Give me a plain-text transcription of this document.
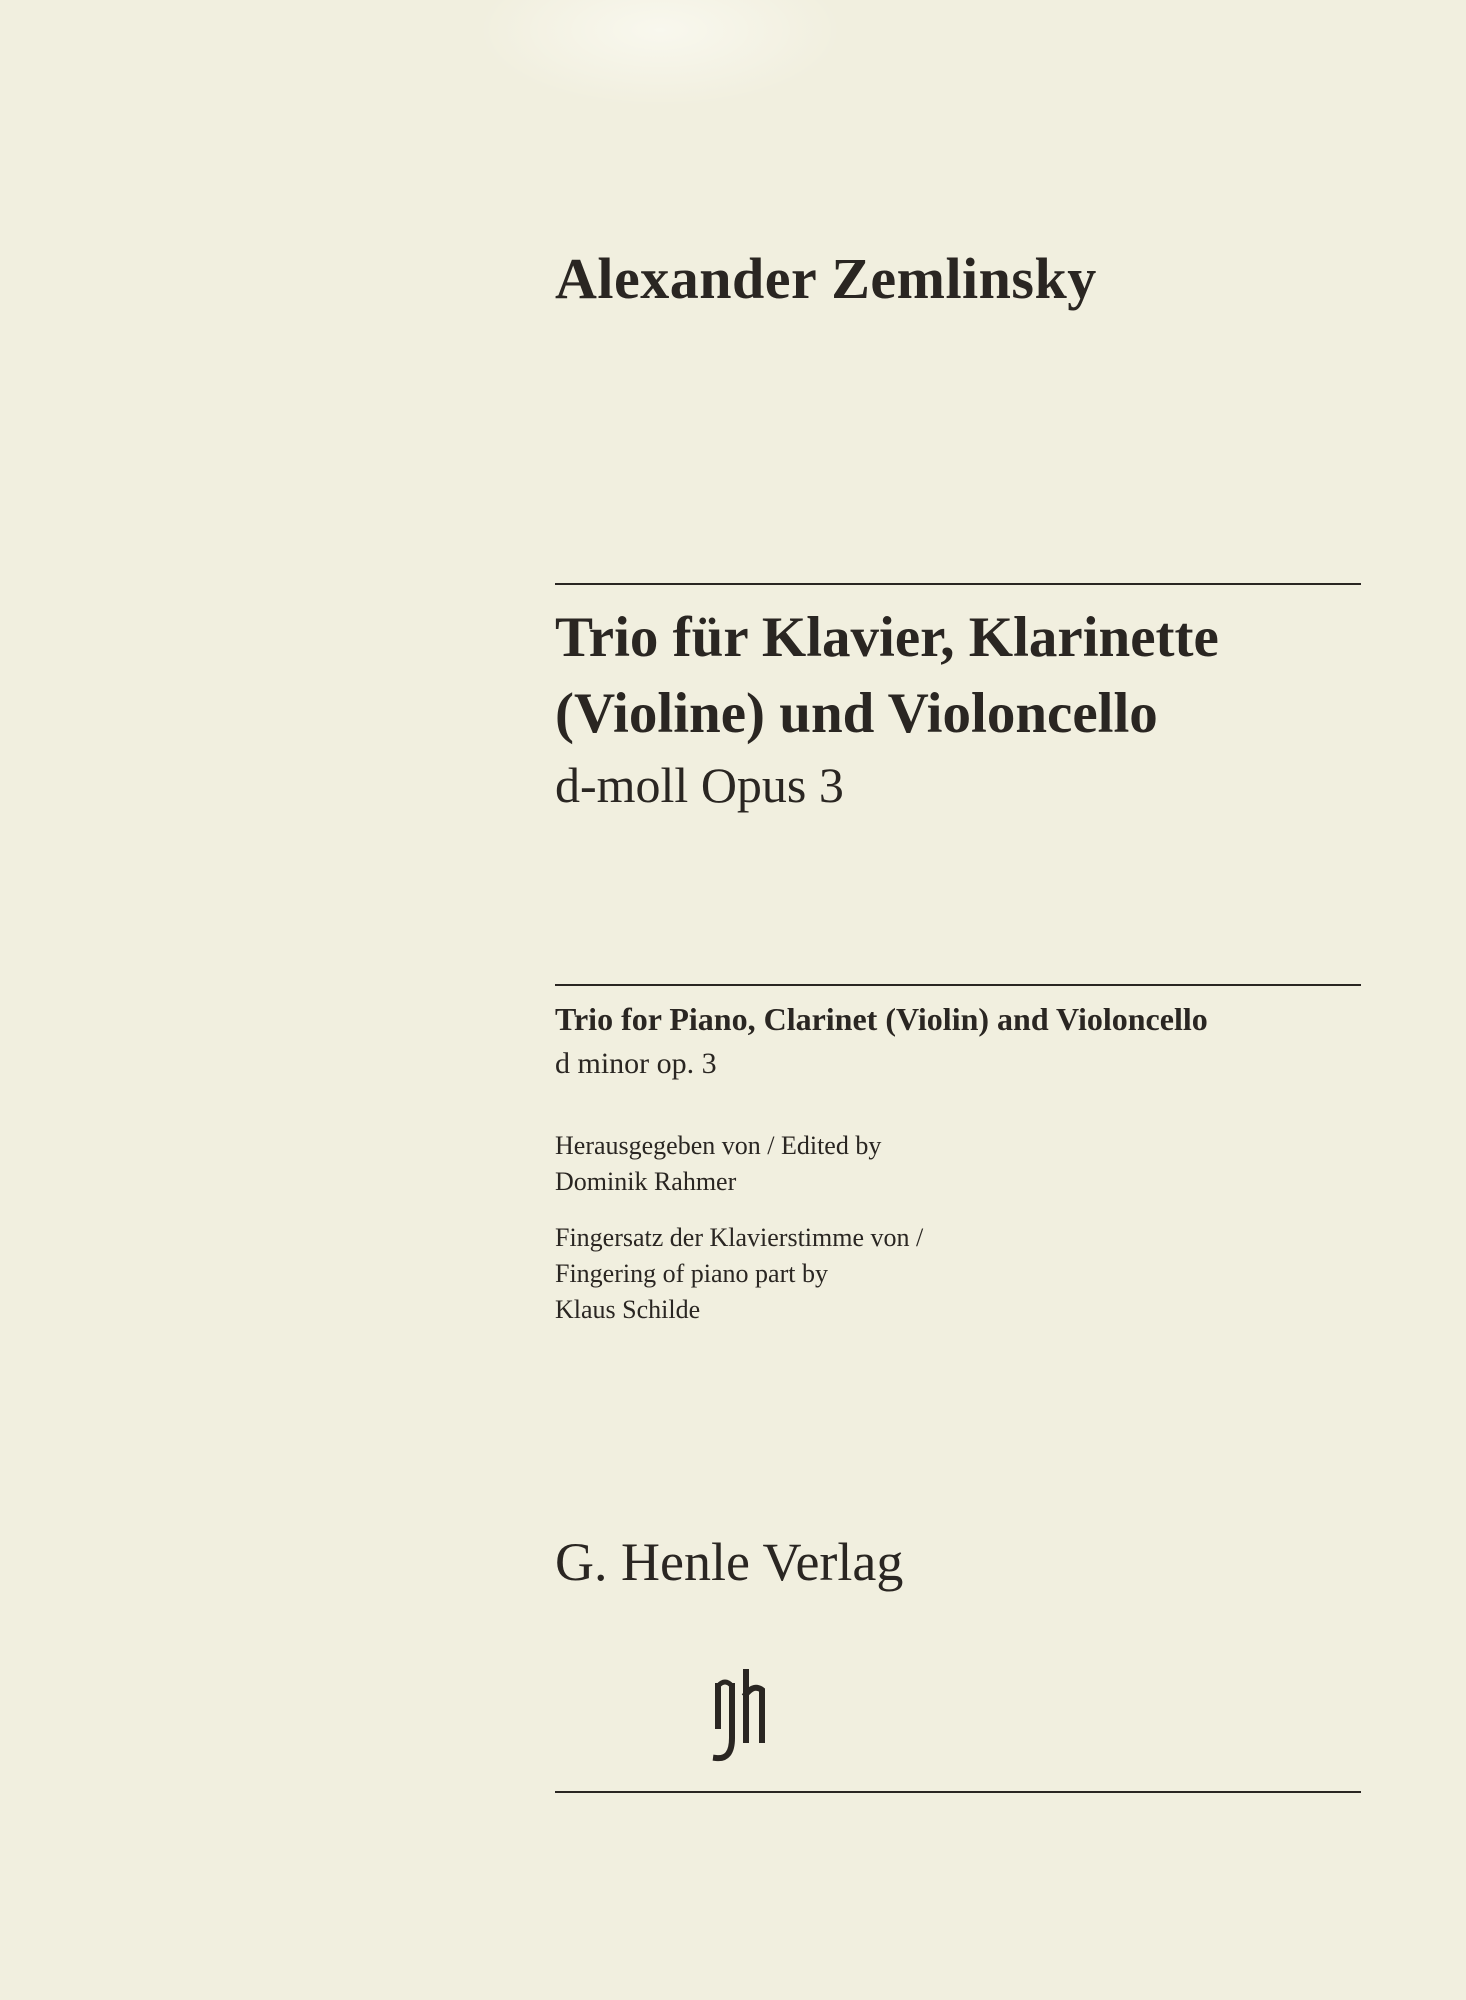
Alexander Zemlinsky
Trio für Klavier, Klarinette
(Violine) und Violoncello
d-moll Opus 3
Trio for Piano, Clarinet (Violin) and Violoncello
d minor op. 3
Herausgegeben von / Edited by
Dominik Rahmer
Fingersatz der Klavierstimme von /
Fingering of piano part by
Klaus Schilde
G. Henle Verlag
